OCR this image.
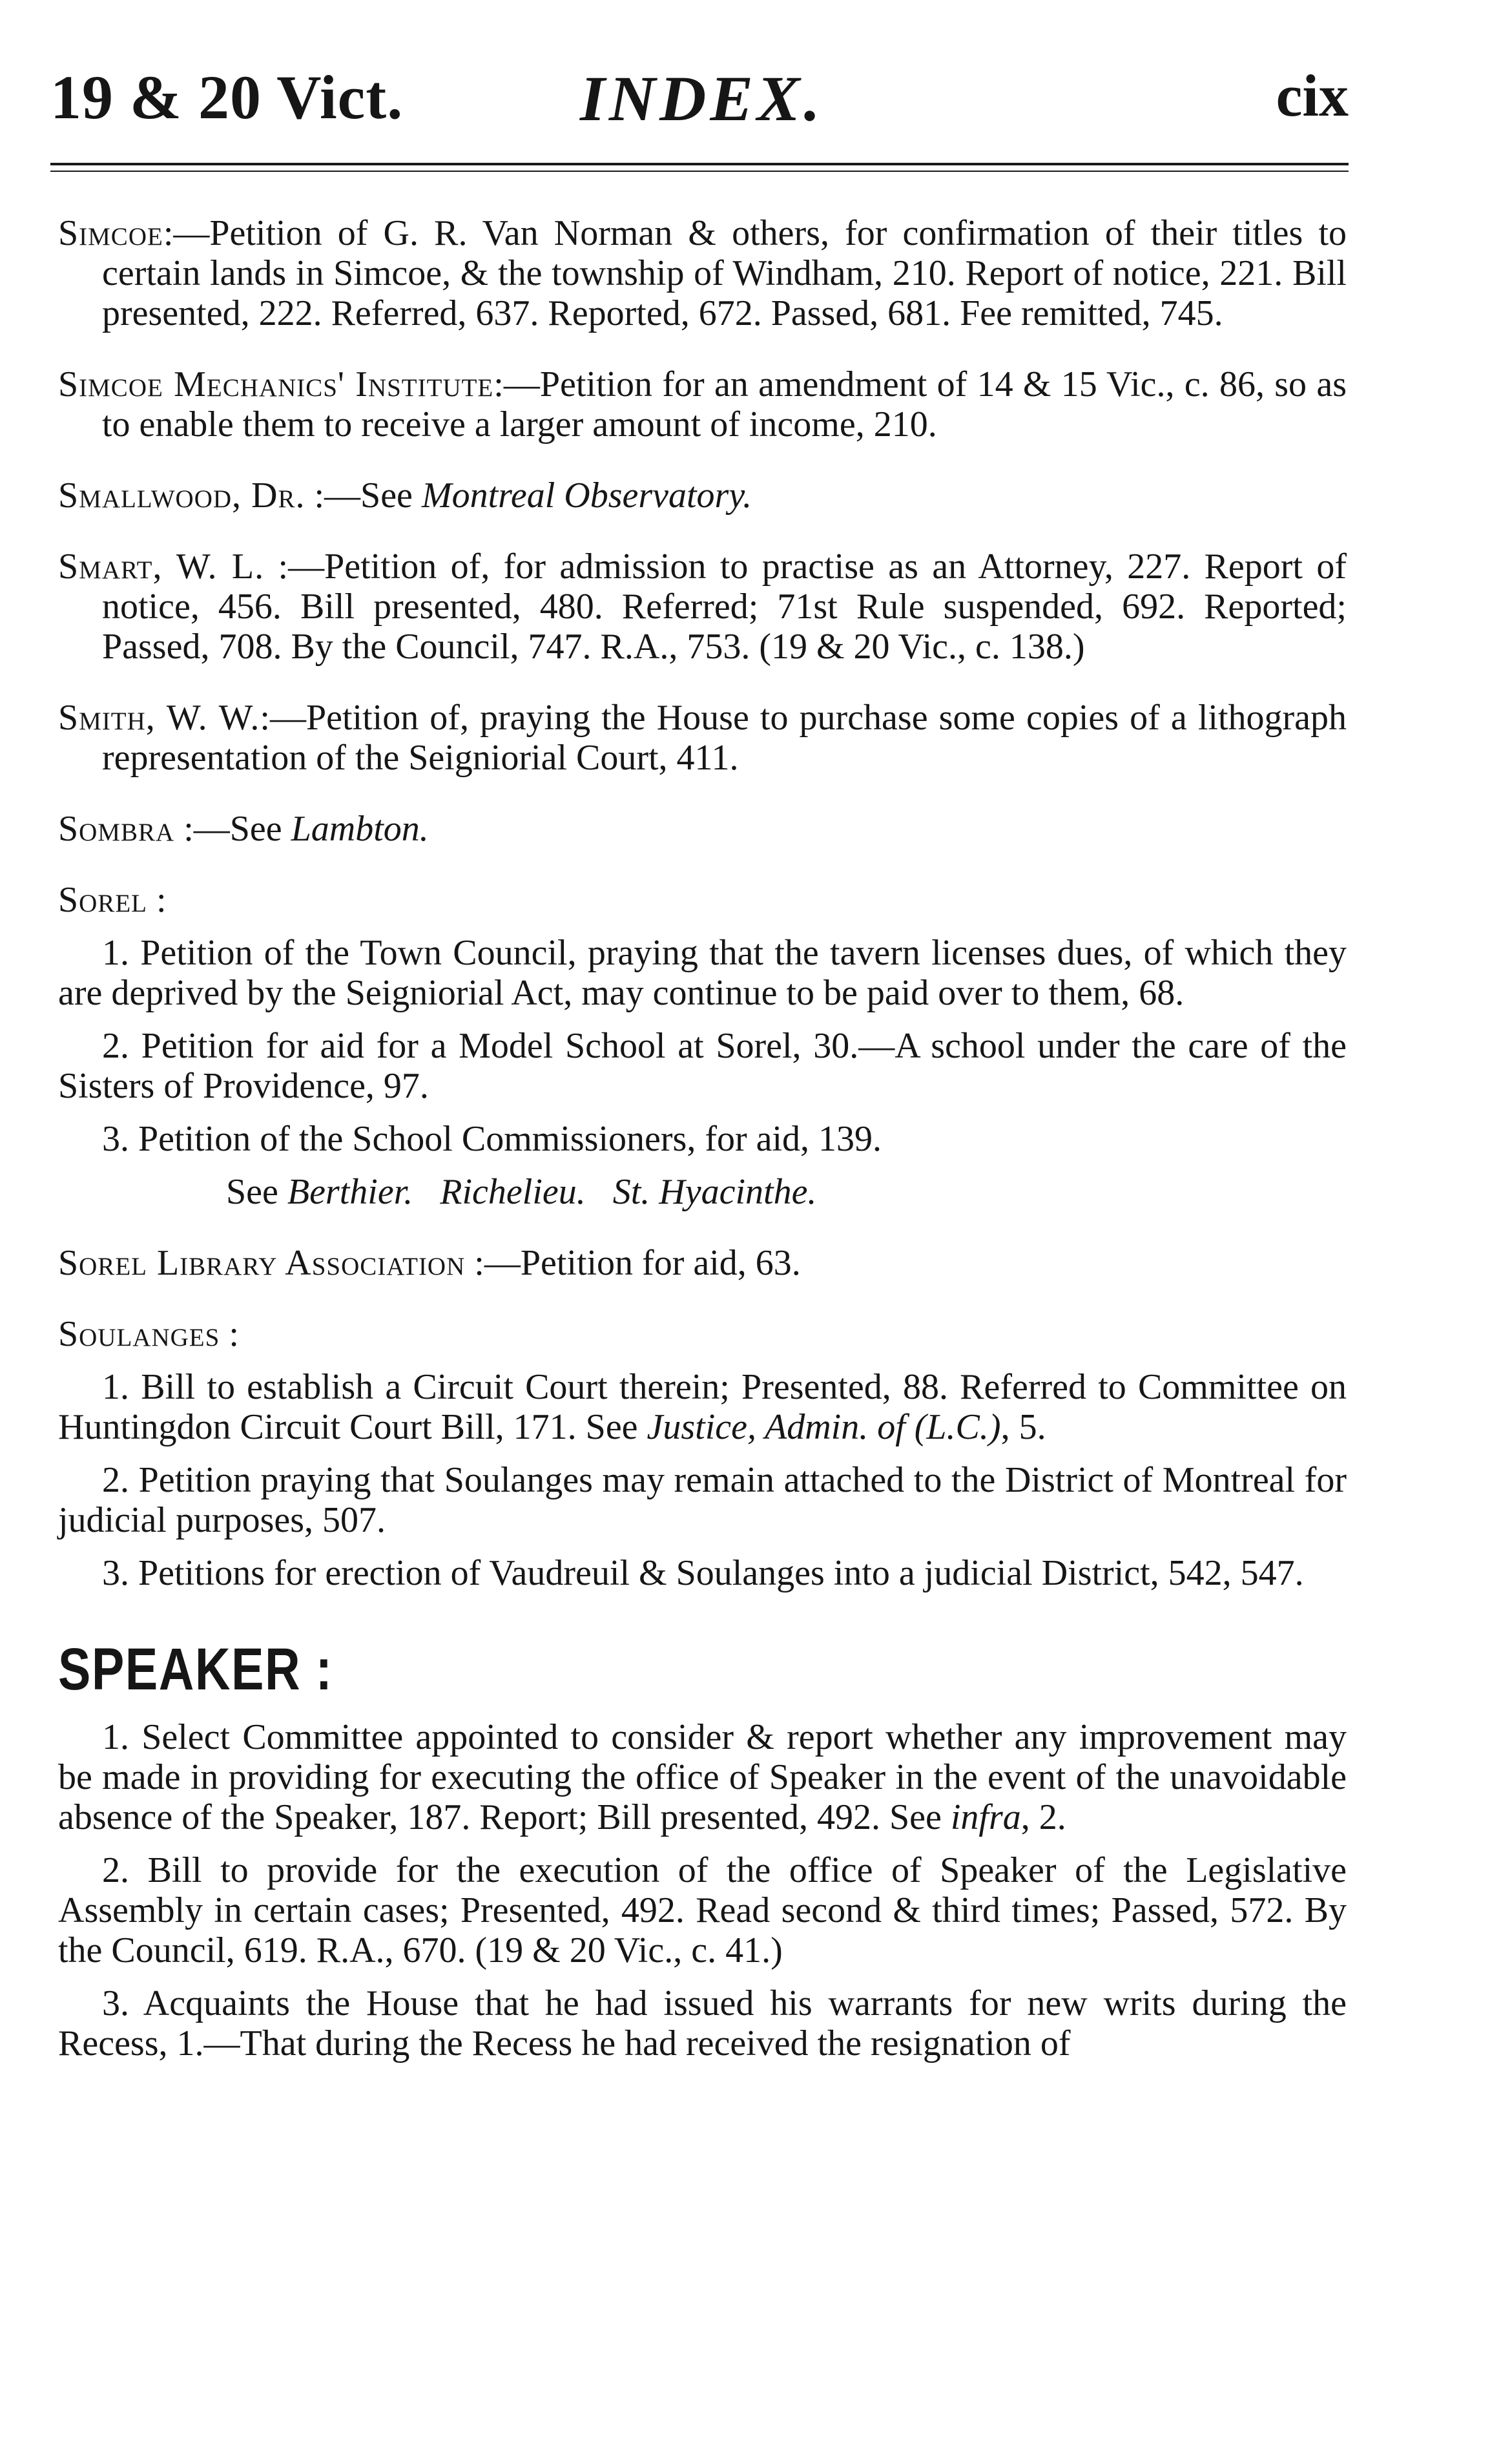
19 & 20 Vict.	INDEX.	cix

Simcoe:—Petition of G. R. Van Norman & others, for confirmation of their titles to certain lands in Simcoe, & the township of Windham, 210. Report of notice, 221. Bill presented, 222. Referred, 637. Reported, 672. Passed, 681. Fee remitted, 745.

Simcoe Mechanics' Institute:—Petition for an amendment of 14 & 15 Vic., c. 86, so as to enable them to receive a larger amount of income, 210.

Smallwood, Dr. :—See Montreal Observatory.

Smart, W. L. :—Petition of, for admission to practise as an Attorney, 227. Report of notice, 456. Bill presented, 480. Referred; 71st Rule suspended, 692. Reported; Passed, 708. By the Council, 747. R.A., 753. (19 & 20 Vic., c. 138.)

Smith, W. W.:—Petition of, praying the House to purchase some copies of a lithograph representation of the Seigniorial Court, 411.

Sombra :—See Lambton.

Sorel :

1. Petition of the Town Council, praying that the tavern licenses dues, of which they are deprived by the Seigniorial Act, may continue to be paid over to them, 68.

2. Petition for aid for a Model School at Sorel, 30.—A school under the care of the Sisters of Providence, 97.

3. Petition of the School Commissioners, for aid, 139.

See Berthier. Richelieu. St. Hyacinthe.

Sorel Library Association :—Petition for aid, 63.

Soulanges :

1. Bill to establish a Circuit Court therein; Presented, 88. Referred to Committee on Huntingdon Circuit Court Bill, 171. See Justice, Admin. of (L.C.), 5.

2. Petition praying that Soulanges may remain attached to the District of Montreal for judicial purposes, 507.

3. Petitions for erection of Vaudreuil & Soulanges into a judicial District, 542, 547.

SPEAKER :

1. Select Committee appointed to consider & report whether any improvement may be made in providing for executing the office of Speaker in the event of the unavoidable absence of the Speaker, 187. Report; Bill presented, 492. See infra, 2.

2. Bill to provide for the execution of the office of Speaker of the Legislative Assembly in certain cases; Presented, 492. Read second & third times; Passed, 572. By the Council, 619. R.A., 670. (19 & 20 Vic., c. 41.)

3. Acquaints the House that he had issued his warrants for new writs during the Recess, 1.—That during the Recess he had received the resignation of
